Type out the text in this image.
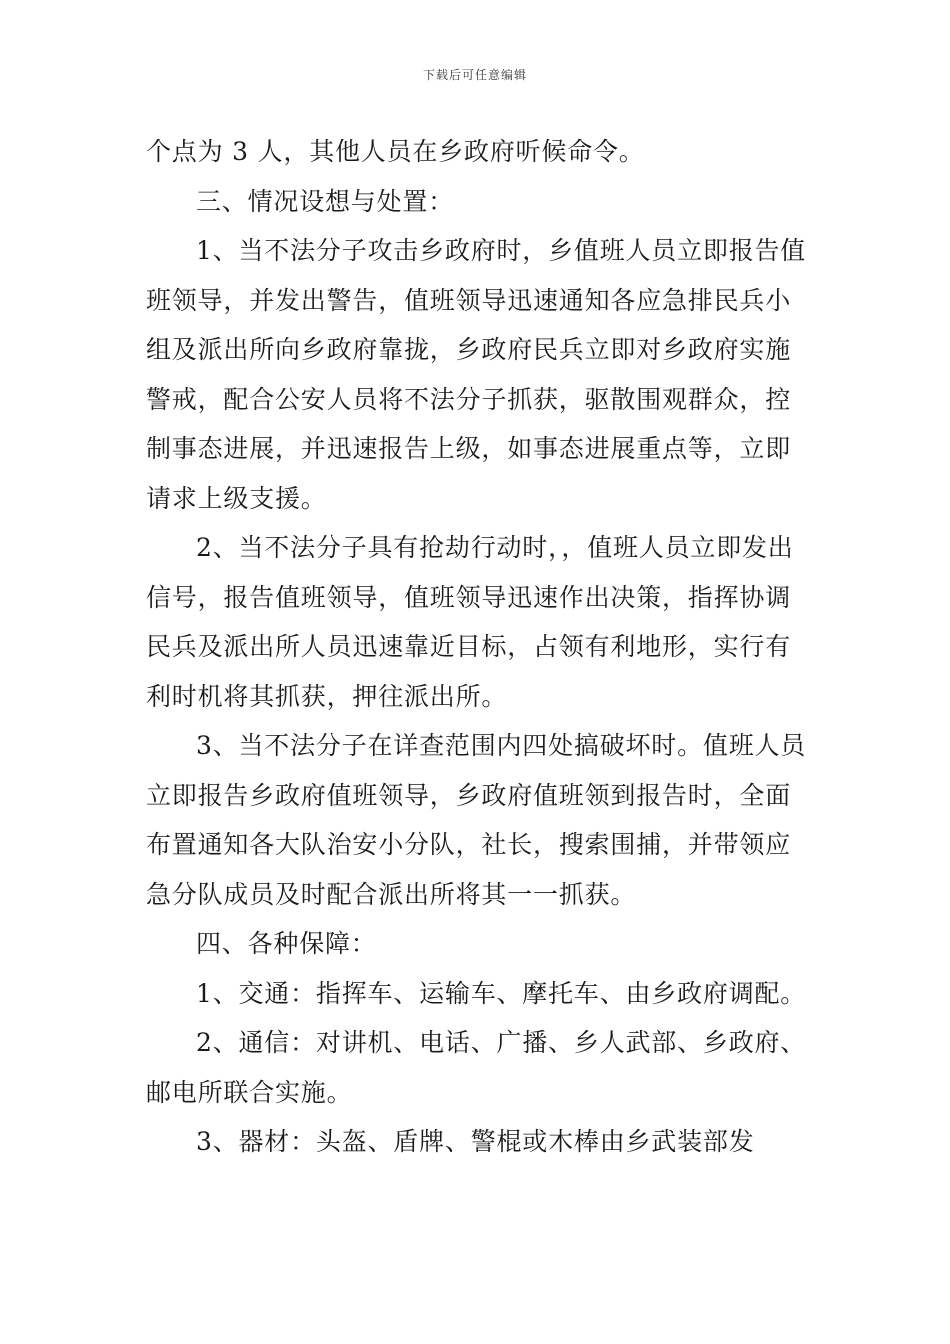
下载后可任意编辑
个点为 3 人，其他人员在乡政府听候命令。
三、情况设想与处置：
1、当不法分子攻击乡政府时，乡值班人员立即报告值
班领导，并发出警告，值班领导迅速通知各应急排民兵小
组及派出所向乡政府靠拢，乡政府民兵立即对乡政府实施
警戒，配合公安人员将不法分子抓获，驱散围观群众，控
制事态进展，并迅速报告上级，如事态进展重点等，立即
请求上级支援。
2、当不法分子具有抢劫行动时，，值班人员立即发出
信号，报告值班领导，值班领导迅速作出决策，指挥协调
民兵及派出所人员迅速靠近目标，占领有利地形，实行有
利时机将其抓获，押往派出所。
3、当不法分子在详查范围内四处搞破坏时。值班人员
立即报告乡政府值班领导，乡政府值班领到报告时，全面
布置通知各大队治安小分队，社长，搜索围捕，并带领应
急分队成员及时配合派出所将其一一抓获。
四、各种保障：
1、交通：指挥车、运输车、摩托车、由乡政府调配。
2、通信：对讲机、电话、广播、乡人武部、乡政府、
邮电所联合实施。
3、器材：头盔、盾牌、警棍或木棒由乡武装部发
